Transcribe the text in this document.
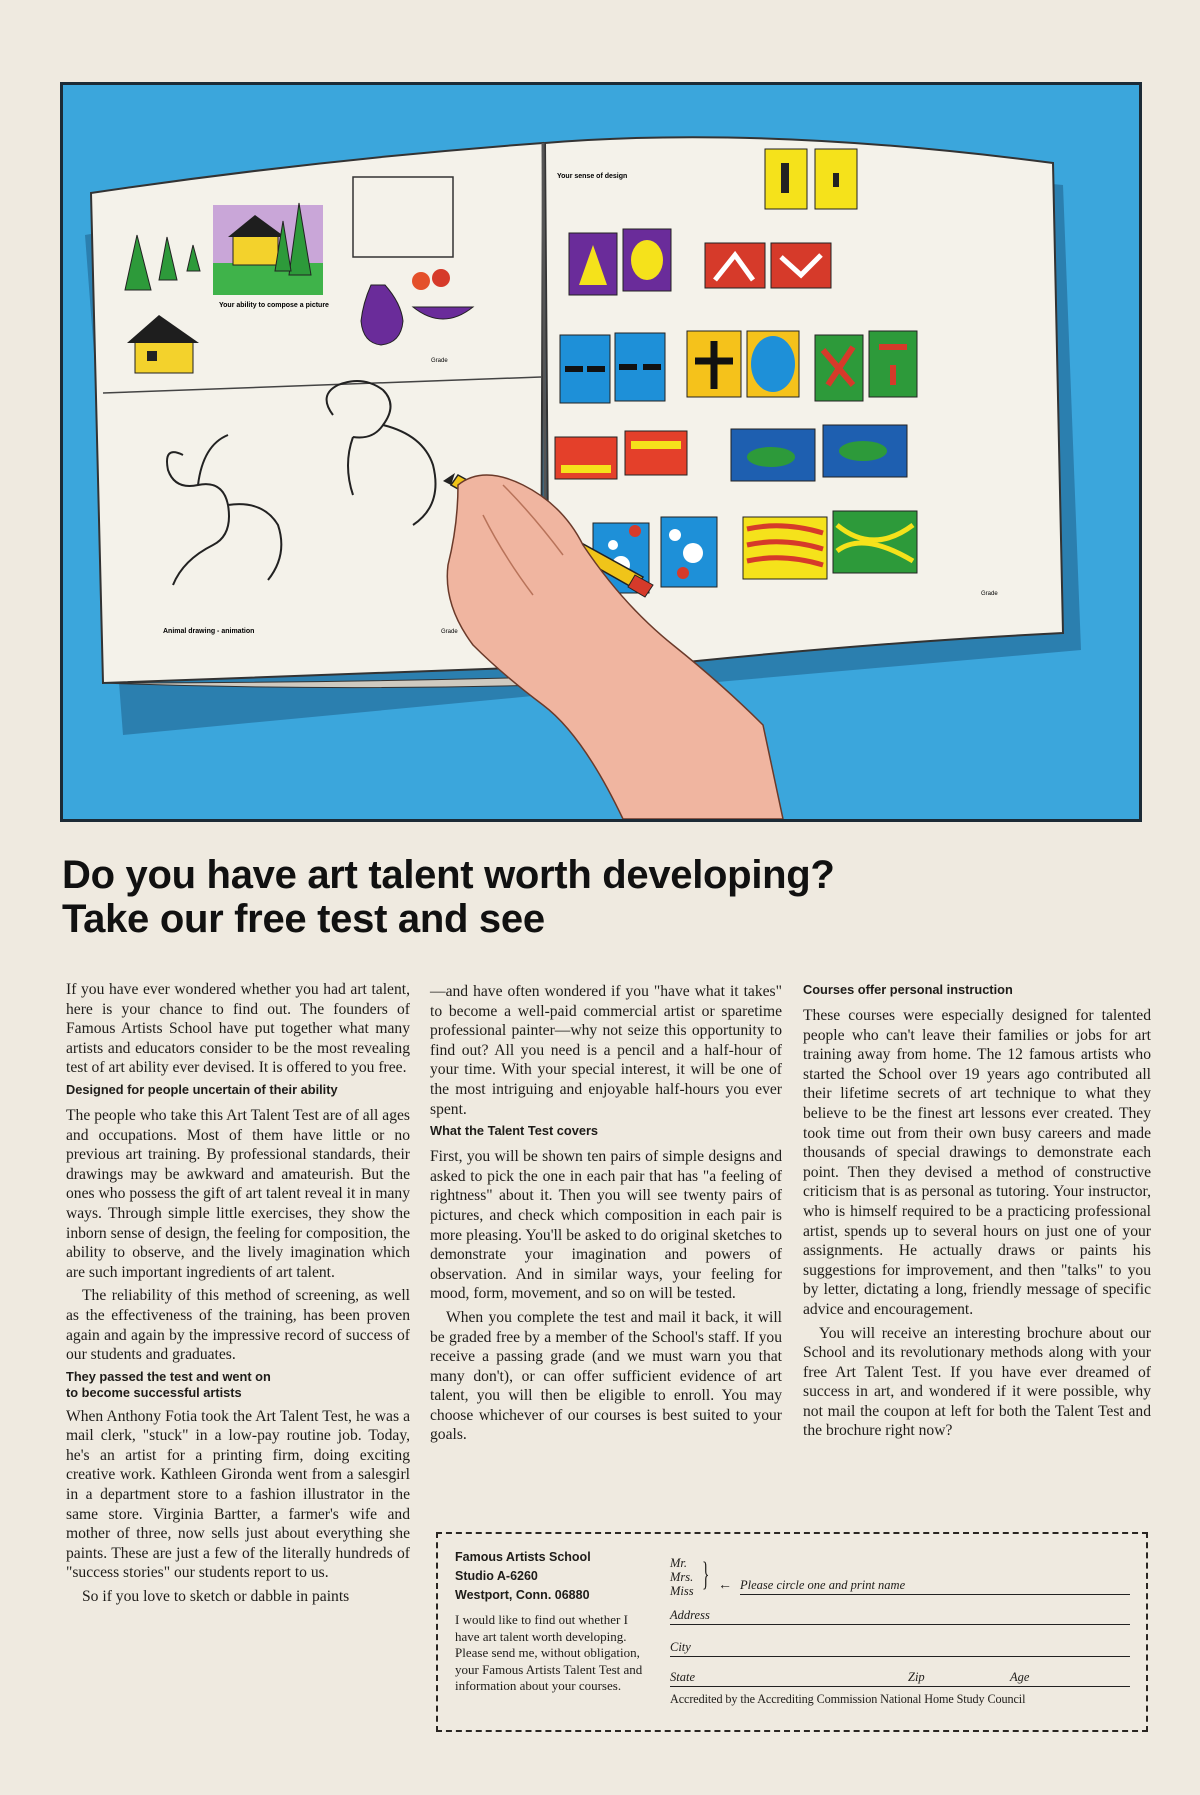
Your ability to compose a picture
Grade
Animal drawing - animation	Grade
Your sense of design
Grade
Do you have art talent worth developing?
Take our free test and see

If you have ever wondered whether you had art talent, here is your chance to find out. The founders of Famous Artists School have put together what many artists and educators consider to be the most revealing test of art ability ever devised. It is offered to you free.

Designed for people uncertain of their ability

The people who take this Art Talent Test are of all ages and occupations. Most of them have little or no previous art training. By professional standards, their drawings may be awkward and amateurish. But the ones who possess the gift of art talent reveal it in many ways. Through simple little exercises, they show the inborn sense of design, the feeling for composition, the ability to observe, and the lively imagination which are such important ingredients of art talent.

The reliability of this method of screening, as well as the effectiveness of the training, has been proven again and again by the impressive record of success of our students and graduates.

They passed the test and went on
to become successful artists

When Anthony Fotia took the Art Talent Test, he was a mail clerk, "stuck" in a low-pay routine job. Today, he's an artist for a printing firm, doing exciting creative work. Kathleen Gironda went from a salesgirl in a department store to a fashion illustrator in the same store. Virginia Bartter, a farmer's wife and mother of three, now sells just about everything she paints. These are just a few of the literally hundreds of "success stories" our students report to us.

So if you love to sketch or dabble in paints

—and have often wondered if you "have what it takes" to become a well-paid commercial artist or sparetime professional painter—why not seize this opportunity to find out? All you need is a pencil and a half-hour of your time. With your special interest, it will be one of the most intriguing and enjoyable half-hours you ever spent.

What the Talent Test covers

First, you will be shown ten pairs of simple designs and asked to pick the one in each pair that has "a feeling of rightness" about it. Then you will see twenty pairs of pictures, and check which composition in each pair is more pleasing. You'll be asked to do original sketches to demonstrate your imagination and powers of observation. And in similar ways, your feeling for mood, form, movement, and so on will be tested.

When you complete the test and mail it back, it will be graded free by a member of the School's staff. If you receive a passing grade (and we must warn you that many don't), or can offer sufficient evidence of art talent, you will then be eligible to enroll. You may choose whichever of our courses is best suited to your goals.

Courses offer personal instruction

These courses were especially designed for talented people who can't leave their families or jobs for art training away from home. The 12 famous artists who started the School over 19 years ago contributed all their lifetime secrets of art technique to what they believe to be the finest art lessons ever created. They took time out from their own busy careers and made thousands of special drawings to demonstrate each point. Then they devised a method of constructive criticism that is as personal as tutoring. Your instructor, who is himself required to be a practicing professional artist, spends up to several hours on just one of your assignments. He actually draws or paints his suggestions for improvement, and then "talks" to you by letter, dictating a long, friendly message of specific advice and encouragement.

You will receive an interesting brochure about our School and its revolutionary methods along with your free Art Talent Test. If you have ever dreamed of success in art, and wondered if it were possible, why not mail the coupon at left for both the Talent Test and the brochure right now?

Famous Artists School
Studio A-6260
Westport, Conn. 06880
I would like to find out whether I have art talent worth developing. Please send me, without obligation, your Famous Artists Talent Test and information about your courses.
Mr.
Mrs.
Miss } ← Please circle one and print name
Address
City
State	Zip	Age
Accredited by the Accrediting Commission National Home Study Council
